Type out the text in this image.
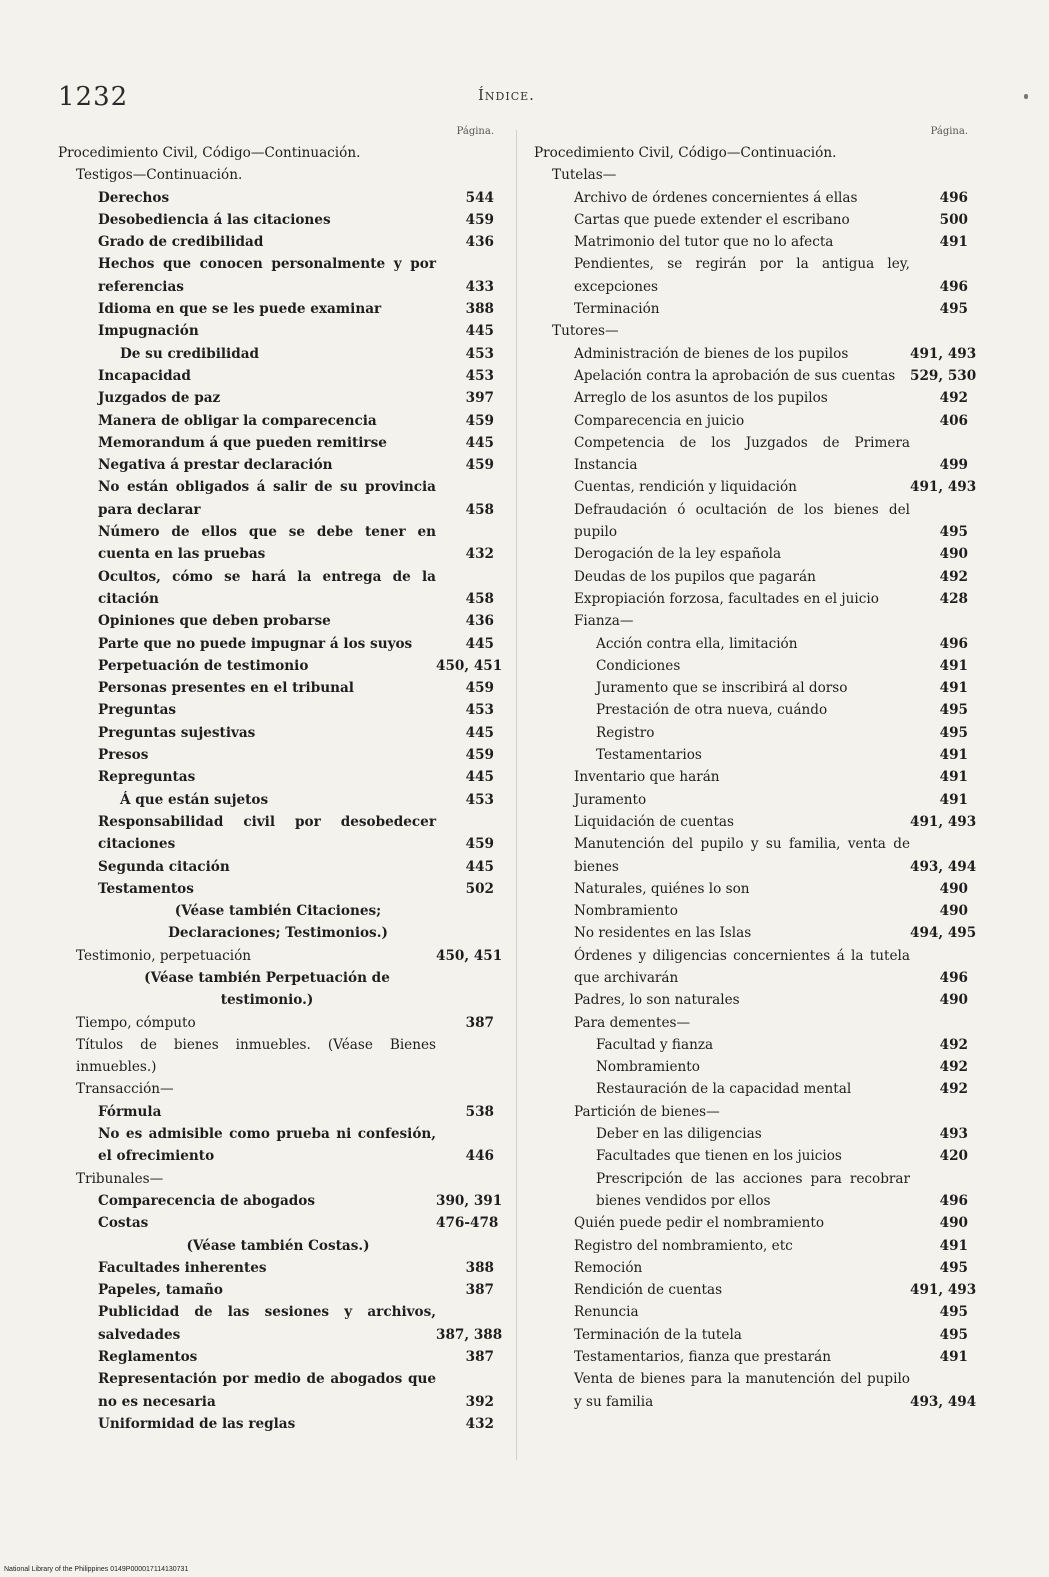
1232	Índice.
Página.
Procedimiento Civil, Código—Continuación.
Testigos—Continuación.
Derechos	544
Desobediencia á las citaciones	459
Grado de credibilidad	436
Hechos que conocen personalmente y por referencias	433
Idioma en que se les puede examinar	388
Impugnación	445
De su credibilidad	453
Incapacidad	453
Juzgados de paz	397
Manera de obligar la comparecencia	459
Memorandum á que pueden remitirse	445
Negativa á prestar declaración	459
No están obligados á salir de su provincia para declarar	458
Número de ellos que se debe tener en cuenta en las pruebas	432
Ocultos, cómo se hará la entrega de la citación	458
Opiniones que deben probarse	436
Parte que no puede impugnar á los suyos	445
Perpetuación de testimonio	450, 451
Personas presentes en el tribunal	459
Preguntas	453
Preguntas sujestivas	445
Presos	459
Repreguntas	445
Á que están sujetos	453
Responsabilidad civil por desobedecer citaciones	459
Segunda citación	445
Testamentos	502
(Véase también Citaciones; Declaraciones; Testimonios.)
Testimonio, perpetuación	450, 451
(Véase también Perpetuación de testimonio.)
Tiempo, cómputo	387
Títulos de bienes inmuebles. (Véase Bienes inmuebles.)
Transacción—
Fórmula	538
No es admisible como prueba ni confesión, el ofrecimiento	446
Tribunales—
Comparecencia de abogados	390, 391
Costas	476-478
(Véase también Costas.)
Facultades inherentes	388
Papeles, tamaño	387
Publicidad de las sesiones y archivos, salvedades	387, 388
Reglamentos	387
Representación por medio de abogados que no es necesaria	392
Uniformidad de las reglas	432
Página.
Procedimiento Civil, Código—Continuación.
Tutelas—
Archivo de órdenes concernientes á ellas	496
Cartas que puede extender el escribano	500
Matrimonio del tutor que no lo afecta	491
Pendientes, se regirán por la antigua ley, excepciones	496
Terminación	495
Tutores—
Administración de bienes de los pupilos	491, 493
Apelación contra la aprobación de sus cuentas	529, 530
Arreglo de los asuntos de los pupilos	492
Comparecencia en juicio	406
Competencia de los Juzgados de Primera Instancia	499
Cuentas, rendición y liquidación	491, 493
Defraudación ó ocultación de los bienes del pupilo	495
Derogación de la ley española	490
Deudas de los pupilos que pagarán	492
Expropiación forzosa, facultades en el juicio	428
Fianza—
Acción contra ella, limitación	496
Condiciones	491
Juramento que se inscribirá al dorso	491
Prestación de otra nueva, cuándo	495
Registro	495
Testamentarios	491
Inventario que harán	491
Juramento	491
Liquidación de cuentas	491, 493
Manutención del pupilo y su familia, venta de bienes	493, 494
Naturales, quiénes lo son	490
Nombramiento	490
No residentes en las Islas	494, 495
Órdenes y diligencias concernientes á la tutela que archivarán	496
Padres, lo son naturales	490
Para dementes—
Facultad y fianza	492
Nombramiento	492
Restauración de la capacidad mental	492
Partición de bienes—
Deber en las diligencias	493
Facultades que tienen en los juicios	420
Prescripción de las acciones para recobrar bienes vendidos por ellos	496
Quién puede pedir el nombramiento	490
Registro del nombramiento, etc	491
Remoción	495
Rendición de cuentas	491, 493
Renuncia	495
Terminación de la tutela	495
Testamentarios, fianza que prestarán	491
Venta de bienes para la manutención del pupilo y su familia	493, 494
National Library of the Philippines 0149P000017114130731
